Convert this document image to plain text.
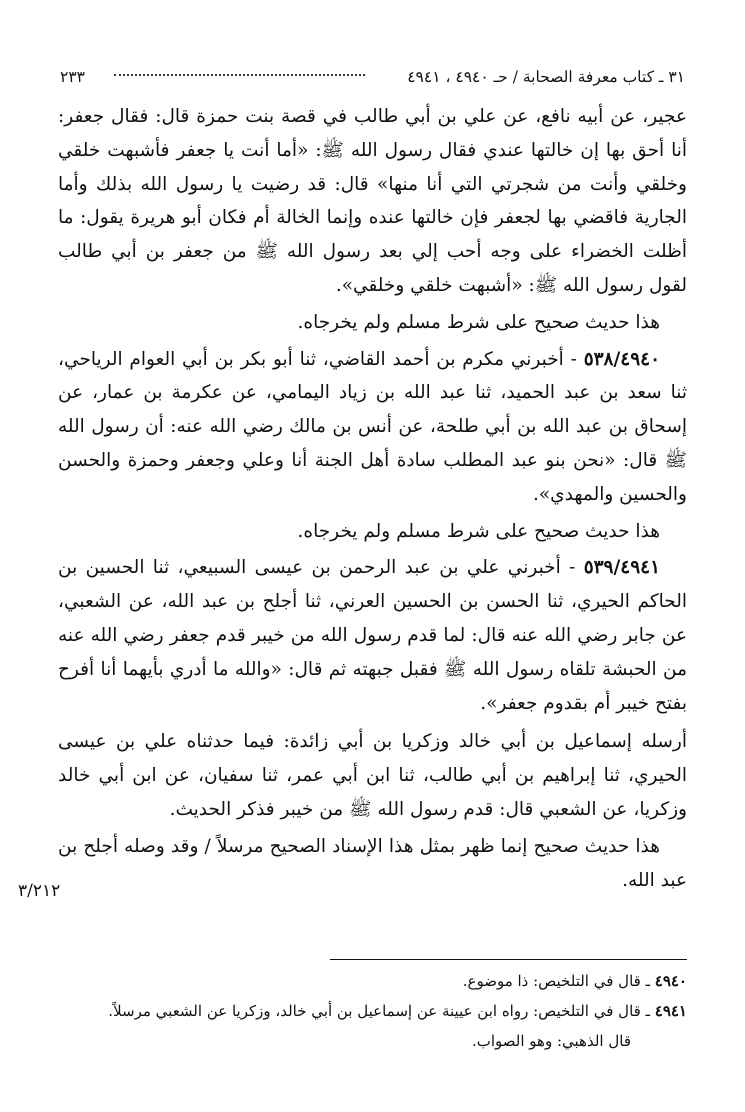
٣١ ـ كتاب معرفة الصحابة / حـ ٤٩٤٠ ، ٤٩٤١
٢٣٣

عجير، عن أبيه نافع، عن علي بن أبي طالب في قصة بنت حمزة قال: فقال جعفر: أنا أحق بها إن خالتها عندي فقال رسول الله ﷺ: «أما أنت يا جعفر فأشبهت خلقي وخلقي وأنت من شجرتي التي أنا منها» قال: قد رضيت يا رسول الله بذلك وأما الجارية فاقضي بها لجعفر فإن خالتها عنده وإنما الخالة أم فكان أبو هريرة يقول: ما أظلت الخضراء على وجه أحب إلي بعد رسول الله ﷺ من جعفر بن أبي طالب لقول رسول الله ﷺ: «أشبهت خلقي وخلقي».

هذا حديث صحيح على شرط مسلم ولم يخرجاه.

٥٣٨/٤٩٤٠ - أخبرني مكرم بن أحمد القاضي، ثنا أبو بكر بن أبي العوام الرياحي، ثنا سعد بن عبد الحميد، ثنا عبد الله بن زياد اليمامي، عن عكرمة بن عمار، عن إسحاق بن عبد الله بن أبي طلحة، عن أنس بن مالك رضي الله عنه: أن رسول الله ﷺ قال: «نحن بنو عبد المطلب سادة أهل الجنة أنا وعلي وجعفر وحمزة والحسن والحسين والمهدي».

هذا حديث صحيح على شرط مسلم ولم يخرجاه.

٥٣٩/٤٩٤١ - أخبرني علي بن عبد الرحمن بن عيسى السبيعي، ثنا الحسين بن الحاكم الحيري، ثنا الحسن بن الحسين العرني، ثنا أجلح بن عبد الله، عن الشعبي، عن جابر رضي الله عنه قال: لما قدم رسول الله من خيبر قدم جعفر رضي الله عنه من الحبشة تلقاه رسول الله ﷺ فقبل جبهته ثم قال: «والله ما أدري بأيهما أنا أفرح بفتح خيبر أم بقدوم جعفر».

أرسله إسماعيل بن أبي خالد وزكريا بن أبي زائدة: فيما حدثناه علي بن عيسى الحيري، ثنا إبراهيم بن أبي طالب، ثنا ابن أبي عمر، ثنا سفيان، عن ابن أبي خالد وزكريا، عن الشعبي قال: قدم رسول الله ﷺ من خيبر فذكر الحديث.

هذا حديث صحيح إنما ظهر بمثل هذا الإسناد الصحيح مرسلاً / وقد وصله أجلح بن عبد الله.

٣/٢١٢

٤٩٤٠ ـ قال في التلخيص: ذا موضوع.

٤٩٤١ ـ قال في التلخيص: رواه ابن عيينة عن إسماعيل بن أبي خالد، وزكريا عن الشعبي مرسلاً.

قال الذهبي: وهو الصواب.
